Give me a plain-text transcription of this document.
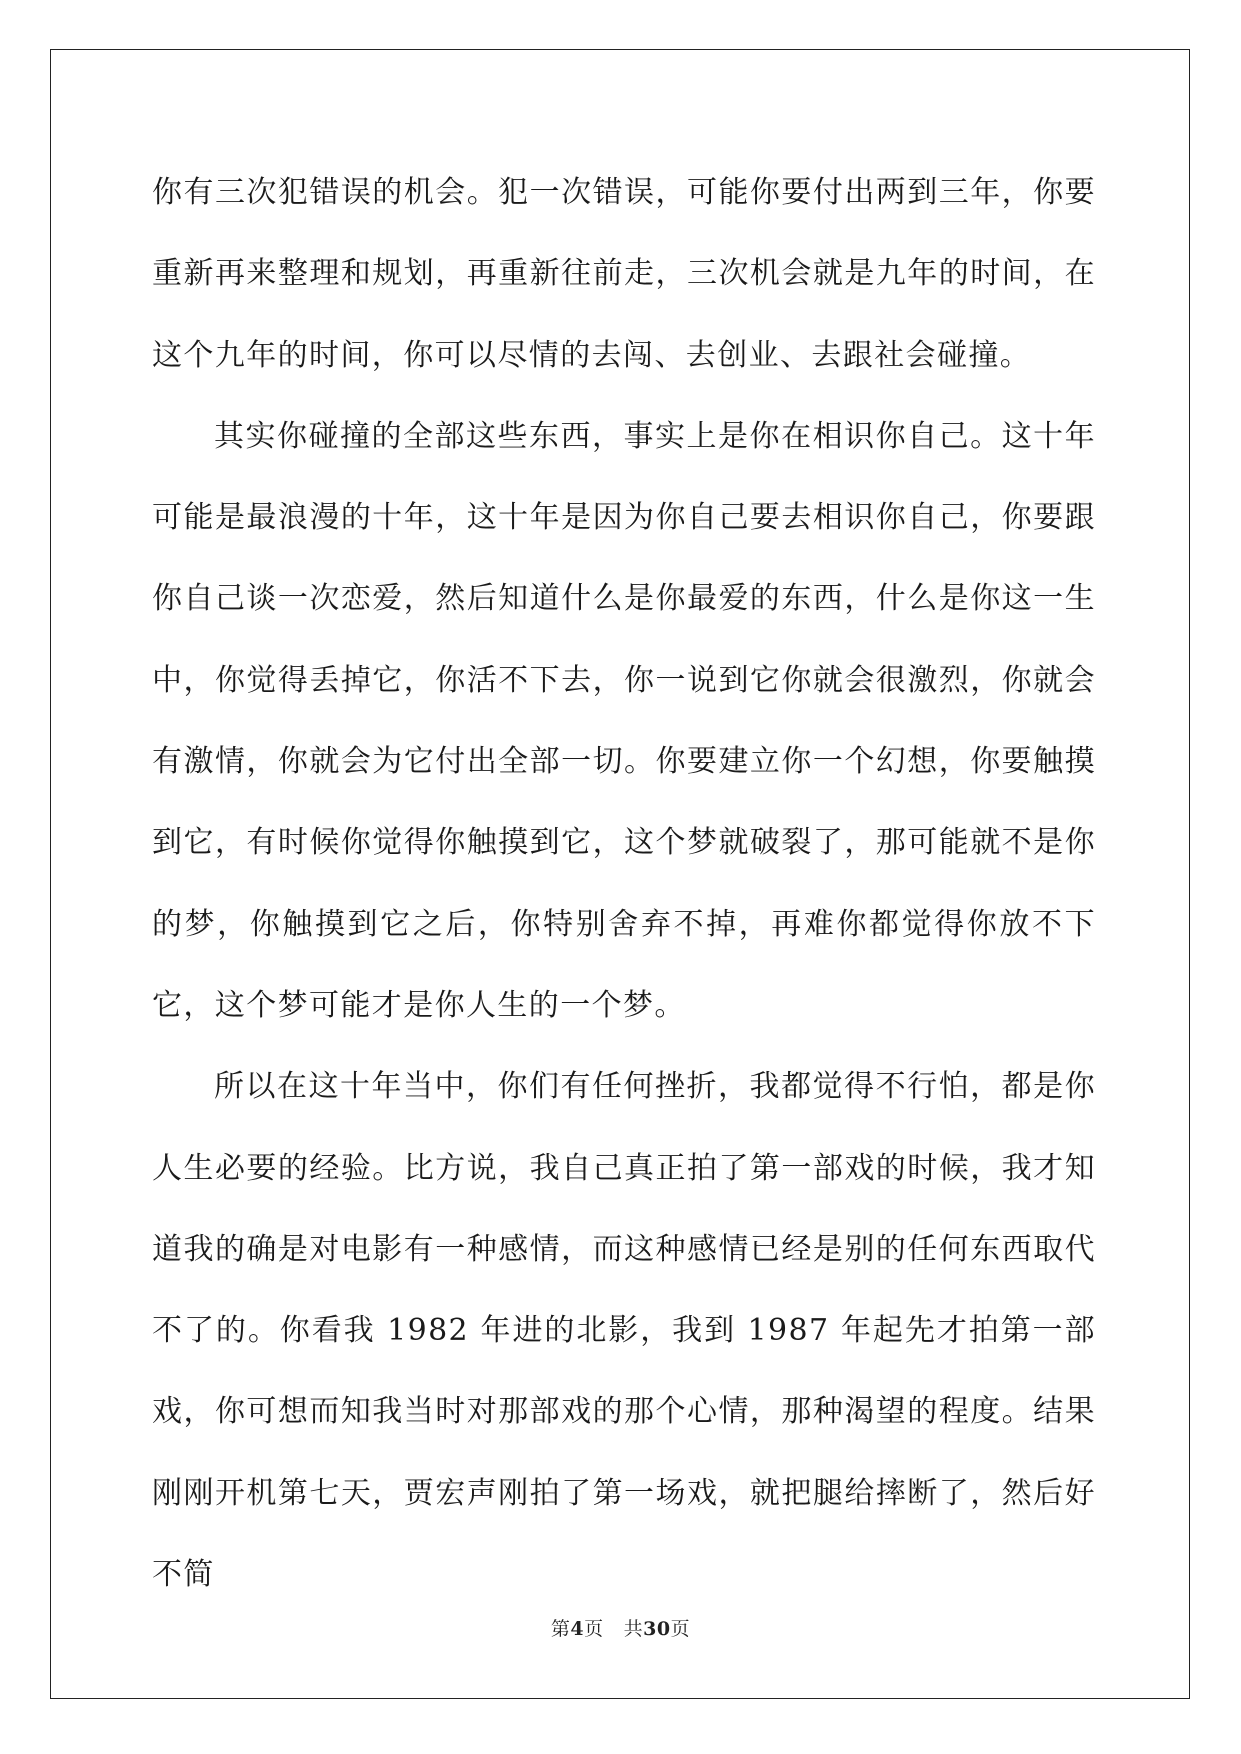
你有三次犯错误的机会。犯一次错误，可能你要付出两到三年，你要重新再来整理和规划，再重新往前走，三次机会就是九年的时间，在这个九年的时间，你可以尽情的去闯、去创业、去跟社会碰撞。

其实你碰撞的全部这些东西，事实上是你在相识你自己。这十年可能是最浪漫的十年，这十年是因为你自己要去相识你自己，你要跟你自己谈一次恋爱，然后知道什么是你最爱的东西，什么是你这一生中，你觉得丢掉它，你活不下去，你一说到它你就会很激烈，你就会有激情，你就会为它付出全部一切。你要建立你一个幻想，你要触摸到它，有时候你觉得你触摸到它，这个梦就破裂了，那可能就不是你的梦，你触摸到它之后，你特别舍弃不掉，再难你都觉得你放不下它，这个梦可能才是你人生的一个梦。

所以在这十年当中，你们有任何挫折，我都觉得不行怕，都是你人生必要的经验。比方说，我自己真正拍了第一部戏的时候，我才知道我的确是对电影有一种感情，而这种感情已经是别的任何东西取代不了的。你看我 1982 年进的北影，我到 1987 年起先才拍第一部戏，你可想而知我当时对那部戏的那个心情，那种渴望的程度。结果刚刚开机第七天，贾宏声刚拍了第一场戏，就把腿给摔断了，然后好不简

第4页 共30页
